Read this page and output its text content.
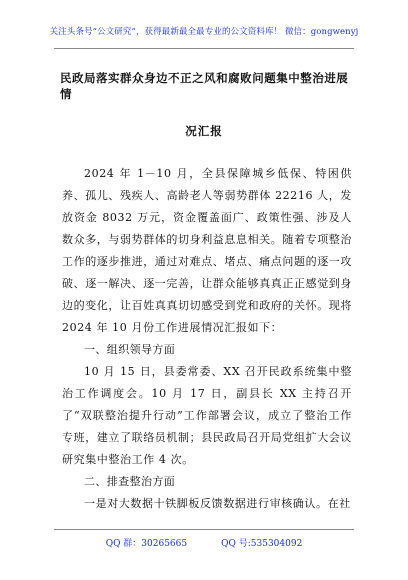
关注头条号“公文研究”，获得最新最全最专业的公文资料库！ 微信：gongwenyj
民政局落实群众身边不正之风和腐败问题集中整治进展情
况汇报

2024 年 1－10 月，全县保障城乡低保、特困供养、孤儿、残疾人、高龄老人等弱势群体 22216 人，发放资金 8032 万元，资金覆盖面广、政策性强、涉及人数众多，与弱势群体的切身利益息息相关。随着专项整治工作的逐步推进，通过对难点、堵点、痛点问题的逐一攻破、逐一解决、逐一完善，让群众能够真真正正感觉到身边的变化，让百姓真真切切感受到党和政府的关怀。现将 2024 年 10 月份工作进展情况汇报如下：

一、组织领导方面

10 月 15 日，县委常委、XX 召开民政系统集中整治工作调度会。10 月 17 日，副县长 XX 主持召开了“双联整治提升行动”工作部署会议，成立了整治工作专班，建立了联络员机制；县民政局召开局党组扩大会议研究集中整治工作 4 次。

二、排查整治方面

一是对大数据十铁脚板反馈数据进行审核确认。在社

QQ 群：30265665	QQ 号:535304092
